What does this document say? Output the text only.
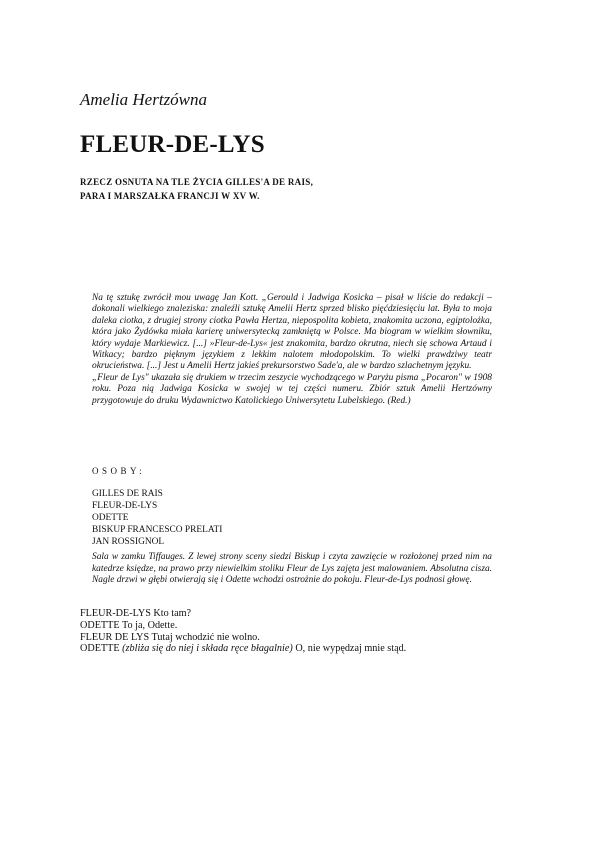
Amelia Hertzówna
FLEUR-DE-LYS
RZECZ OSNUTA NA TLE ŻYCIA GILLES'A DE RAIS,
PARA I MARSZAŁKA FRANCJI W XV W.

Na tę sztukę zwrócił mou uwagę Jan Kott. „Gerould i Jadwiga Kosicka – pisał w liście do redakcji – dokonali wielkiego znaleziska: znaleźli sztukę Amelii Hertz sprzed blisko pięćdziesięciu lat. Była to moja daleka ciotka, z drugiej strony ciotka Pawła Hertza, niepospolita kobieta, znakomita uczona, egiptolożka, która jako Żydówka miała karierę uniwersytecką zamkniętą w Polsce. Ma biogram w wielkim słowniku, który wydaje Markiewicz. [...] »Fleur-de-Lys« jest znakomita, bardzo okrutna, niech się schowa Artaud i Witkacy; bardzo pięknym językiem z lekkim nalotem młodopolskim. To wielki prawdziwy teatr okrucieństwa. [...] Jest u Amelii Hertz jakieś prekursorstwo Sade'a, ale w bardzo szlachetnym języku.

„Fleur de Lys" ukazała się drukiem w trzecim zeszycie wychodzącego w Paryżu pisma „Pocaron" w 1908 roku. Poza nią Jadwiga Kosicka w swojej w tej części numeru. Zbiór sztuk Amelii Hertzówny przygotowuje do druku Wydawnictwo Katolickiego Uniwersytetu Lubelskiego. (Red.)

OSOBY:
GILLES DE RAIS
FLEUR-DE-LYS
ODETTE
BISKUP FRANCESCO PRELATI
JAN ROSSIGNOL
Sala w zamku Tiffauges. Z lewej strony sceny siedzi Biskup i czyta zawzięcie w rozłożonej przed nim na katedrze księdze, na prawo przy niewielkim stoliku Fleur de Lys zajęta jest malowaniem. Absolutna cisza. Nagle drzwi w głębi otwierają się i Odette wchodzi ostrożnie do pokoju. Fleur-de-Lys podnosi głowę.

FLEUR-DE-LYS Kto tam?

ODETTE To ja, Odette.

FLEUR DE LYS Tutaj wchodzić nie wolno.

ODETTE (zbliża się do niej i składa ręce błagalnie) O, nie wypędzaj mnie stąd.
